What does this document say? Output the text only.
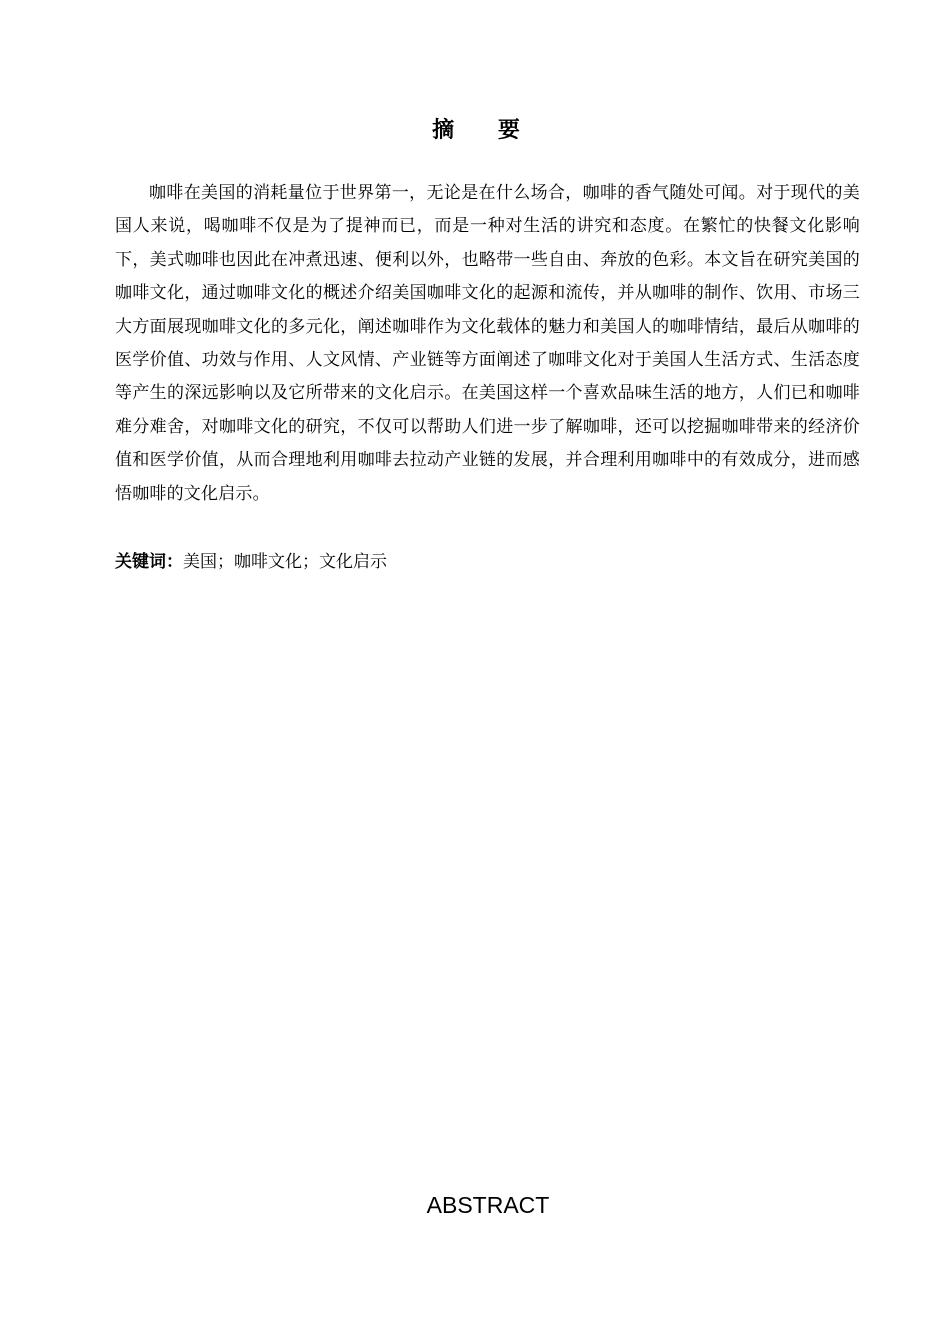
摘 要

咖啡在美国的消耗量位于世界第一，无论是在什么场合，咖啡的香气随处可闻。对于现代的美国人来说，喝咖啡不仅是为了提神而已，而是一种对生活的讲究和态度。在繁忙的快餐文化影响下，美式咖啡也因此在冲煮迅速、便利以外，也略带一些自由、奔放的色彩。本文旨在研究美国的咖啡文化，通过咖啡文化的概述介绍美国咖啡文化的起源和流传，并从咖啡的制作、饮用、市场三大方面展现咖啡文化的多元化，阐述咖啡作为文化载体的魅力和美国人的咖啡情结，最后从咖啡的医学价值、功效与作用、人文风情、产业链等方面阐述了咖啡文化对于美国人生活方式、生活态度等产生的深远影响以及它所带来的文化启示。在美国这样一个喜欢品味生活的地方，人们已和咖啡难分难舍，对咖啡文化的研究，不仅可以帮助人们进一步了解咖啡，还可以挖掘咖啡带来的经济价值和医学价值，从而合理地利用咖啡去拉动产业链的发展，并合理利用咖啡中的有效成分，进而感悟咖啡的文化启示。

关键词：美国；咖啡文化；文化启示
ABSTRACT
